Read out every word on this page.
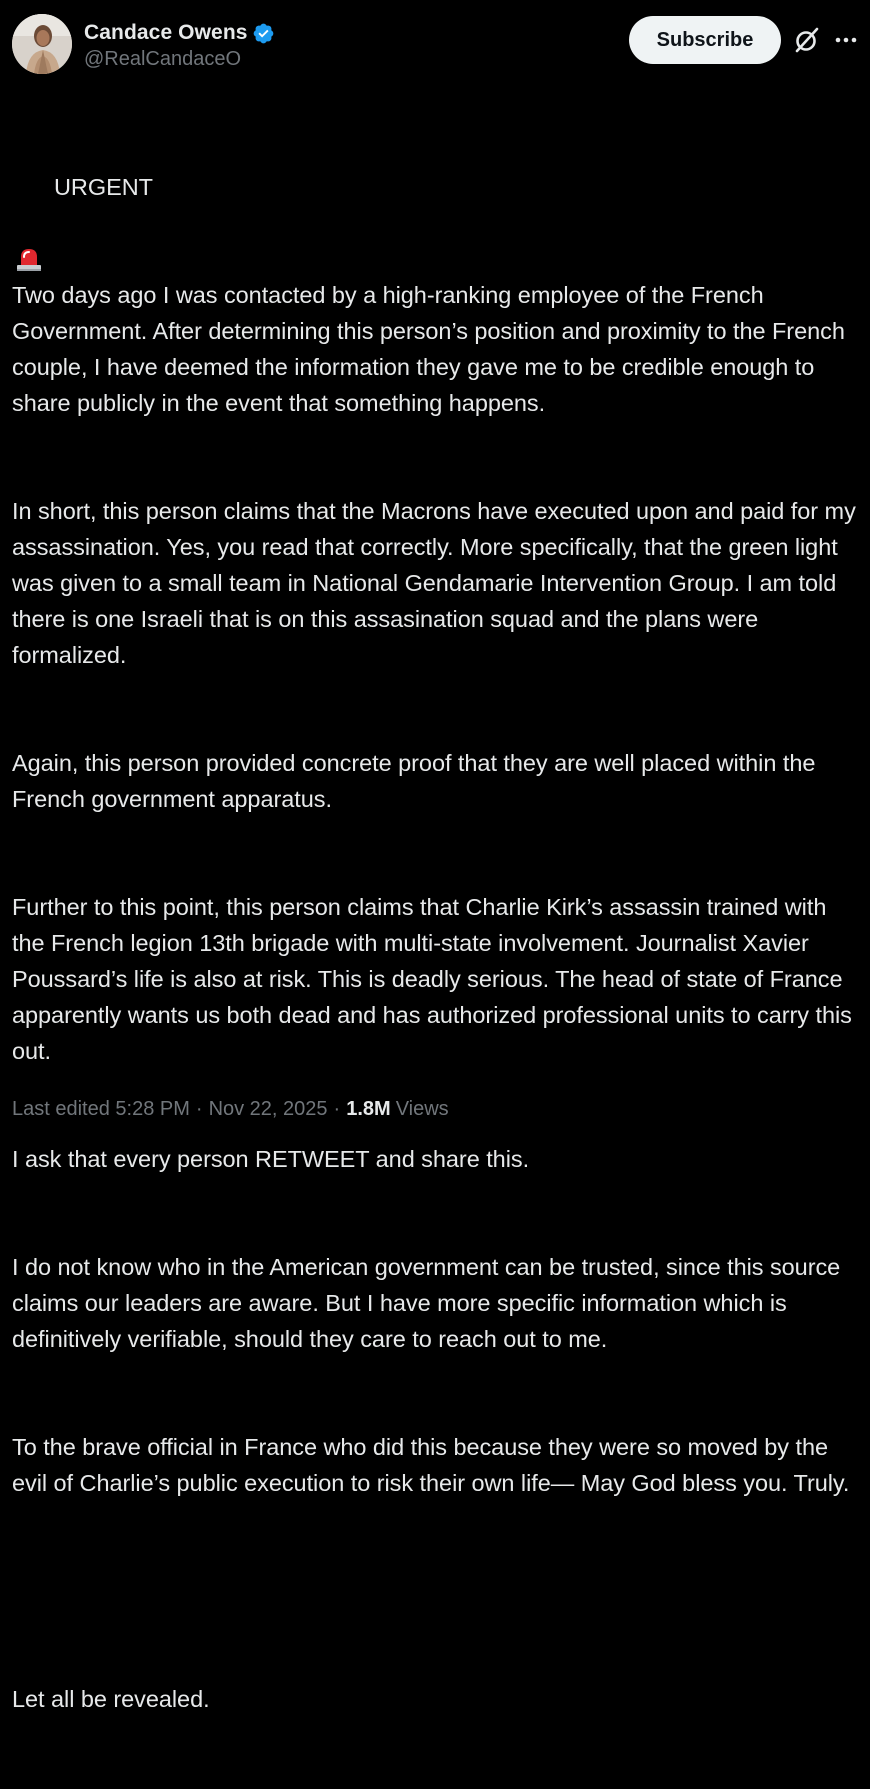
Candace Owens
@RealCandaceO
Subscribe

URGENT

Two days ago I was contacted by a high-ranking employee of the French Government. After determining this person’s position and proximity to the French couple, I have deemed the information they gave me to be credible enough to share publicly in the event that something happens.

In short, this person claims that the Macrons have executed upon and paid for my assassination. Yes, you read that correctly. More specifically, that the green light was given to a small team in National Gendamarie Intervention Group. I am told there is one Israeli that is on this assasination squad and the plans were formalized.

Again, this person provided concrete proof that they are well placed within the French government apparatus.

Further to this point, this person claims that Charlie Kirk’s assassin trained with the French legion 13th brigade with multi-state involvement. Journalist Xavier Poussard’s life is also at risk. This is deadly serious. The head of state of France apparently wants us both dead and has authorized professional units to carry this out.

I ask that every person RETWEET and share this.

I do not know who in the American government can be trusted, since this source claims our leaders are aware. But I have more specific information which is definitively verifiable, should they care to reach out to me.

To the brave official in France who did this because they were so moved by the evil of Charlie’s public execution to risk their own life— May God bless you. Truly.

Let all be revealed.

Last edited 5:28 PM · Nov 22, 2025 · 1.8M Views
